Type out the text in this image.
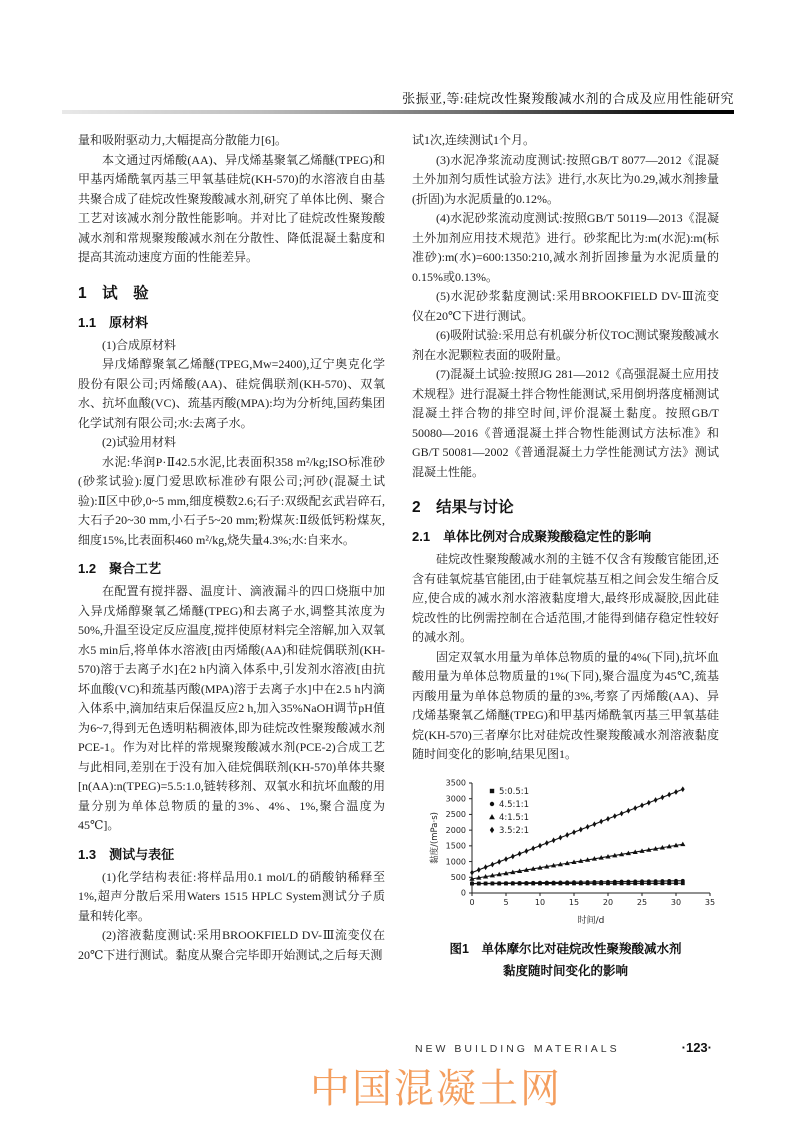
张振亚,等:硅烷改性聚羧酸减水剂的合成及应用性能研究

量和吸附驱动力,大幅提高分散能力[6]。

本文通过丙烯酸(AA)、异戊烯基聚氧乙烯醚(TPEG)和甲基丙烯酰氧丙基三甲氧基硅烷(KH-570)的水溶液自由基共聚合成了硅烷改性聚羧酸减水剂,研究了单体比例、聚合工艺对该减水剂分散性能影响。并对比了硅烷改性聚羧酸减水剂和常规聚羧酸减水剂在分散性、降低混凝土黏度和提高其流动速度方面的性能差异。

1　试　验
1.1　原材料

(1)合成原材料

异戊烯醇聚氧乙烯醚(TPEG,Mw=2400),辽宁奥克化学股份有限公司;丙烯酸(AA)、硅烷偶联剂(KH-570)、双氧水、抗坏血酸(VC)、巯基丙酸(MPA):均为分析纯,国药集团化学试剂有限公司;水:去离子水。

(2)试验用材料

水泥:华润P·Ⅱ42.5水泥,比表面积358 m²/kg;ISO标准砂(砂浆试验):厦门爱思欧标准砂有限公司;河砂(混凝土试验):Ⅱ区中砂,0~5 mm,细度模数2.6;石子:双级配玄武岩碎石,大石子20~30 mm,小石子5~20 mm;粉煤灰:Ⅱ级低钙粉煤灰,细度15%,比表面积460 m²/kg,烧失量4.3%;水:自来水。

1.2　聚合工艺

在配置有搅拌器、温度计、滴液漏斗的四口烧瓶中加入异戊烯醇聚氧乙烯醚(TPEG)和去离子水,调整其浓度为50%,升温至设定反应温度,搅拌使原材料完全溶解,加入双氧水5 min后,将单体水溶液[由丙烯酸(AA)和硅烷偶联剂(KH-570)溶于去离子水]在2 h内滴入体系中,引发剂水溶液[由抗坏血酸(VC)和巯基丙酸(MPA)溶于去离子水]中在2.5 h内滴入体系中,滴加结束后保温反应2 h,加入35%NaOH调节pH值为6~7,得到无色透明粘稠液体,即为硅烷改性聚羧酸减水剂PCE-1。作为对比样的常规聚羧酸减水剂(PCE-2)合成工艺与此相同,差别在于没有加入硅烷偶联剂(KH-570)单体共聚[n(AA):n(TPEG)=5.5:1.0,链转移剂、双氧水和抗坏血酸的用量分别为单体总物质的量的3%、4%、1%,聚合温度为45℃]。

1.3　测试与表征

(1)化学结构表征:将样品用0.1 mol/L的硝酸钠稀释至1%,超声分散后采用Waters 1515 HPLC System测试分子质量和转化率。

(2)溶液黏度测试:采用BROOKFIELD DV-Ⅲ流变仪在20℃下进行测试。黏度从聚合完毕即开始测试,之后每天测

试1次,连续测试1个月。

(3)水泥净浆流动度测试:按照GB/T 8077—2012《混凝土外加剂匀质性试验方法》进行,水灰比为0.29,减水剂掺量(折固)为水泥质量的0.12%。

(4)水泥砂浆流动度测试:按照GB/T 50119—2013《混凝土外加剂应用技术规范》进行。砂浆配比为:m(水泥):m(标准砂):m(水)=600:1350:210,减水剂折固掺量为水泥质量的0.15%或0.13%。

(5)水泥砂浆黏度测试:采用BROOKFIELD DV-Ⅲ流变仪在20℃下进行测试。

(6)吸附试验:采用总有机碳分析仪TOC测试聚羧酸减水剂在水泥颗粒表面的吸附量。

(7)混凝土试验:按照JG 281—2012《高强混凝土应用技术规程》进行混凝土拌合物性能测试,采用倒坍落度桶测试混凝土拌合物的排空时间,评价混凝土黏度。按照GB/T 50080—2016《普通混凝土拌合物性能测试方法标准》和GB/T 50081—2002《普通混凝土力学性能测试方法》测试混凝土性能。

2　结果与讨论
2.1　单体比例对合成聚羧酸稳定性的影响

硅烷改性聚羧酸减水剂的主链不仅含有羧酸官能团,还含有硅氧烷基官能团,由于硅氧烷基互相之间会发生缩合反应,使合成的减水剂水溶液黏度增大,最终形成凝胶,因此硅烷改性的比例需控制在合适范围,才能得到储存稳定性较好的减水剂。

固定双氧水用量为单体总物质的量的4%(下同),抗坏血酸用量为单体总物质量的1%(下同),聚合温度为45℃,巯基丙酸用量为单体总物质的量的3%,考察了丙烯酸(AA)、异戊烯基聚氧乙烯醚(TPEG)和甲基丙烯酰氧丙基三甲氧基硅烷(KH-570)三者摩尔比对硅烷改性聚羧酸减水剂溶液黏度随时间变化的影响,结果见图1。

0
500
1000
1500
2000
2500
3000
3500
0	5	10	15	20	25	30	35
5:0.5:1
4.5:1:1
4:1.5:1
3.5:2:1
时间/d
黏度/(mPa·s)
图1　单体摩尔比对硅烷改性聚羧酸减水剂
黏度随时间变化的影响
NEW BUILDING MATERIALS	·123·
中国混凝土网
